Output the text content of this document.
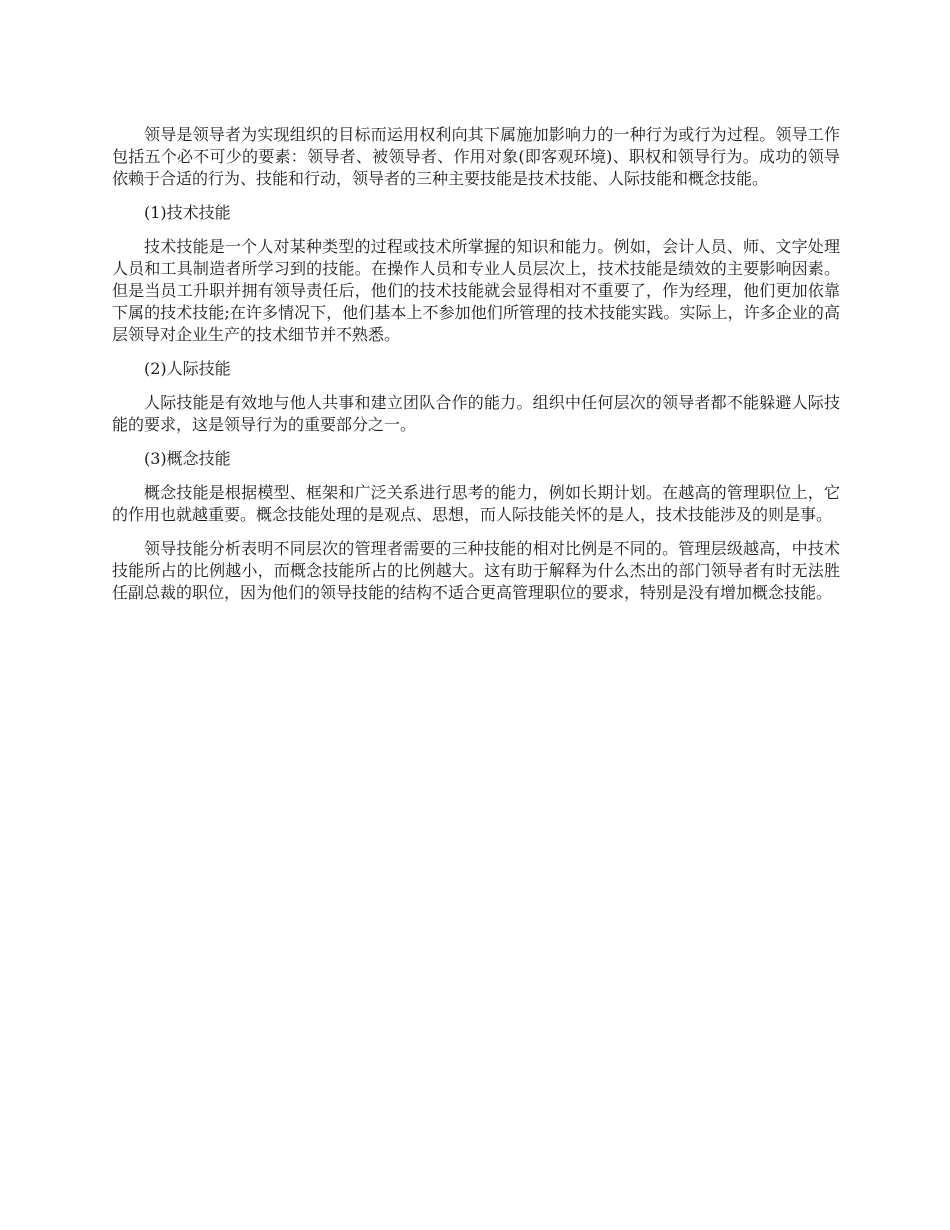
领导是领导者为实现组织的目标而运用权利向其下属施加影响力的一种行为或行为过程。领导工作包括五个必不可少的要素：领导者、被领导者、作用对象(即客观环境)、职权和领导行为。成功的领导依赖于合适的行为、技能和行动，领导者的三种主要技能是技术技能、人际技能和概念技能。

(1)技术技能

技术技能是一个人对某种类型的过程或技术所掌握的知识和能力。例如，会计人员、师、文字处理人员和工具制造者所学习到的技能。在操作人员和专业人员层次上，技术技能是绩效的主要影响因素。但是当员工升职并拥有领导责任后，他们的技术技能就会显得相对不重要了，作为经理，他们更加依靠下属的技术技能;在许多情况下，他们基本上不参加他们所管理的技术技能实践。实际上，许多企业的高层领导对企业生产的技术细节并不熟悉。

(2)人际技能

人际技能是有效地与他人共事和建立团队合作的能力。组织中任何层次的领导者都不能躲避人际技能的要求，这是领导行为的重要部分之一。

(3)概念技能

概念技能是根据模型、框架和广泛关系进行思考的能力，例如长期计划。在越高的管理职位上，它的作用也就越重要。概念技能处理的是观点、思想，而人际技能关怀的是人，技术技能涉及的则是事。

领导技能分析表明不同层次的管理者需要的三种技能的相对比例是不同的。管理层级越高，中技术技能所占的比例越小，而概念技能所占的比例越大。这有助于解释为什么杰出的部门领导者有时无法胜任副总裁的职位，因为他们的领导技能的结构不适合更高管理职位的要求，特别是没有增加概念技能。
